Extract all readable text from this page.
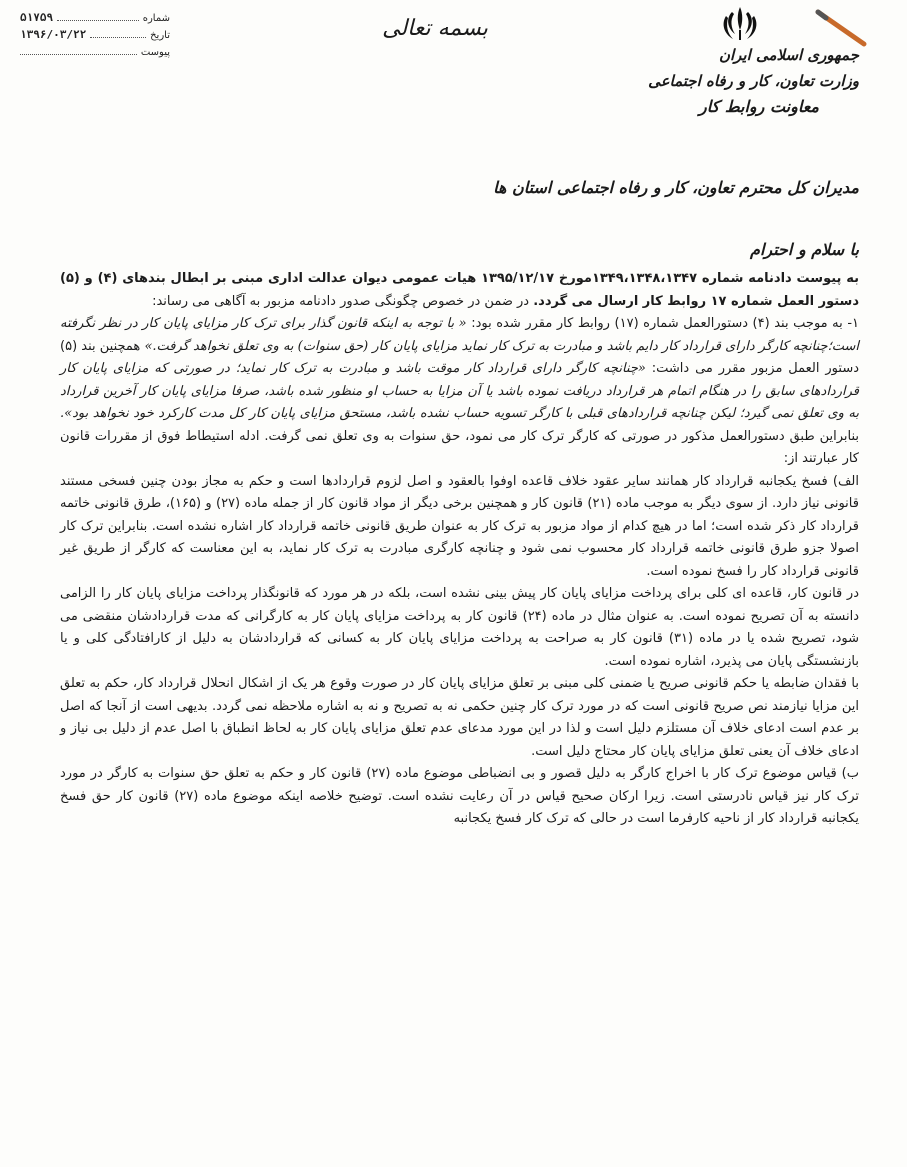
شماره
۵۱۷۵۹
تاریخ
۱۳۹۶/۰۳/۲۲
پیوست
بسمه تعالی
جمهوری اسلامی ایران
وزارت تعاون، کار و رفاه اجتماعی
معاونت روابط کار
مدیران کل محترم تعاون، کار و رفاه اجتماعی استان ها
با سلام و احترام

به پیوست دادنامه شماره ۱۳۴۹،۱۳۴۸،۱۳۴۷مورخ ۱۳۹۵/۱۲/۱۷ هیات عمومی دیوان عدالت اداری مبنی بر ابطال بندهای (۴) و (۵) دستور العمل شماره ۱۷ روابط کار ارسال می گردد. در ضمن در خصوص چگونگی صدور دادنامه مزبور به آگاهی می رساند:

۱- به موجب بند (۴) دستورالعمل شماره (۱۷) روابط کار مقرر شده بود: « با توجه به اینکه قانون گذار برای ترک کار مزایای پایان کار در نظر نگرفته است؛چنانچه کارگر دارای قرارداد کار دایم باشد و مبادرت به ترک کار نماید مزایای پایان کار (حق سنوات) به وی تعلق نخواهد گرفت.» همچنین بند (۵) دستور العمل مزبور مقرر می داشت: «چنانچه کارگر دارای قرارداد کار موقت باشد و مبادرت به ترک کار نماید؛ در صورتی که مزایای پایان کار قراردادهای سابق را در هنگام اتمام هر قرارداد دریافت نموده باشد یا آن مزایا به حساب او منظور شده باشد، صرفا مزایای پایان کار آخرین قرارداد به وی تعلق نمی گیرد؛ لیکن چنانچه قراردادهای قبلی با کارگر تسویه حساب نشده باشد، مستحق مزایای پایان کار کل مدت کارکرد خود نخواهد بود». بنابراین طبق دستورالعمل مذکور در صورتی که کارگر ترک کار می نمود، حق سنوات به وی تعلق نمی گرفت. ادله استیطاط فوق از مقررات قانون کار عبارتند از:

الف) فسخ یکجانبه قرارداد کار همانند سایر عقود خلاف قاعده اوفوا بالعقود و اصل لزوم قراردادها است و حکم به مجاز بودن چنین فسخی مستند قانونی نیاز دارد. از سوی دیگر به موجب ماده (۲۱) قانون کار و همچنین برخی دیگر از مواد قانون کار از جمله ماده (۲۷) و (۱۶۵)، طرق قانونی خاتمه قرارداد کار ذکر شده است؛ اما در هیچ کدام از مواد مزبور به ترک کار به عنوان طریق قانونی خاتمه قرارداد کار اشاره نشده است. بنابراین ترک کار اصولا جزو طرق قانونی خاتمه قرارداد کار محسوب نمی شود و چنانچه کارگری مبادرت به ترک کار نماید، به این معناست که کارگر از طریق غیر قانونی قرارداد کار را فسخ نموده است.

در قانون کار، قاعده ای کلی برای پرداخت مزایای پایان کار پیش بینی نشده است، بلکه در هر مورد که قانونگذار پرداخت مزایای پایان کار را الزامی دانسته به آن تصریح نموده است. به عنوان مثال در ماده (۲۴) قانون کار به پرداخت مزایای پایان کار به کارگرانی که مدت قراردادشان منقضی می شود، تصریح شده یا در ماده (۳۱) قانون کار به صراحت به پرداخت مزایای پایان کار به کسانی که قراردادشان به دلیل از کارافتادگی کلی و یا بازنشستگی پایان می پذیرد، اشاره نموده است.

با فقدان ضابطه یا حکم قانونی صریح یا ضمنی کلی مبنی بر تعلق مزایای پایان کار در صورت وقوع هر یک از اشکال انحلال قرارداد کار، حکم به تعلق این مزایا نیازمند نص صریح قانونی است که در مورد ترک کار چنین حکمی نه به تصریح و نه به اشاره ملاحظه نمی گردد. بدیهی است از آنجا که اصل بر عدم است ادعای خلاف آن مستلزم دلیل است و لذا در این مورد مدعای عدم تعلق مزایای پایان کار به لحاظ انطباق با اصل عدم از دلیل بی نیاز و ادعای خلاف آن یعنی تعلق مزایای پایان کار محتاج دلیل است.

ب) قیاس موضوع ترک کار با اخراج کارگر به دلیل قصور و بی انضباطی موضوع ماده (۲۷) قانون کار و حکم به تعلق حق سنوات به کارگر در مورد ترک کار نیز قیاس نادرستی است. زیرا ارکان صحیح قیاس در آن رعایت نشده است. توضیح خلاصه اینکه موضوع ماده (۲۷) قانون کار حق فسخ یکجانبه قرارداد کار از ناحیه کارفرما است در حالی که ترک کار فسخ یکجانبه
